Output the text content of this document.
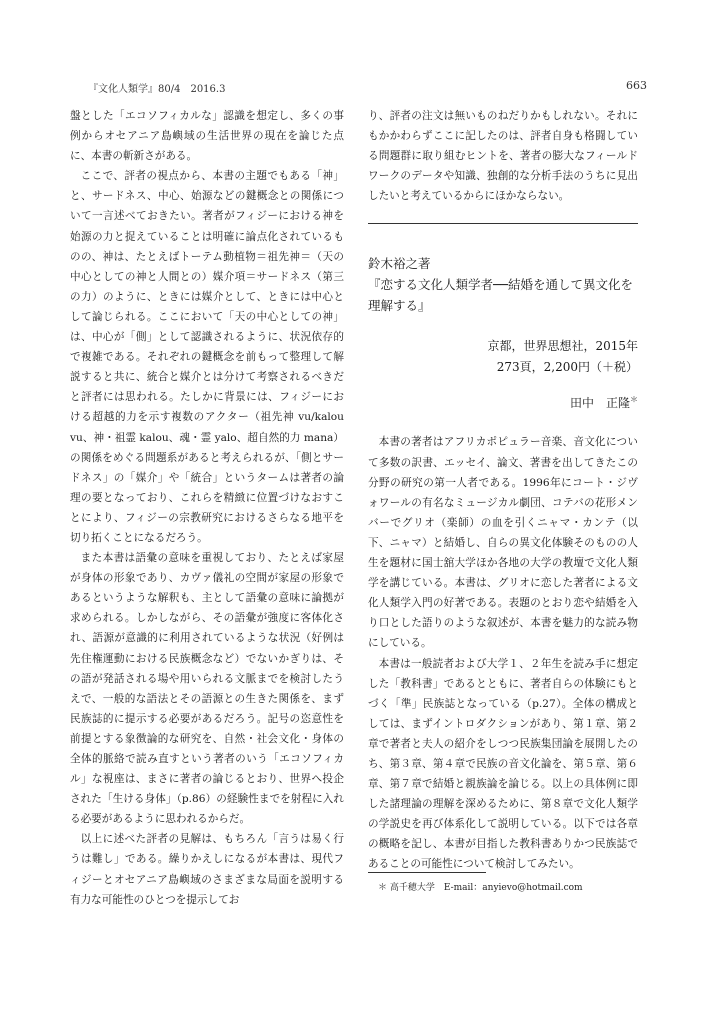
『文化人類学』80/4　2016.3	663

盤とした「エコソフィカルな」認識を想定し、多くの事例からオセアニア島嶼域の生活世界の現在を論じた点に、本書の斬新さがある。

ここで、評者の視点から、本書の主題でもある「神」と、サードネス、中心、始源などの鍵概念との関係について一言述べておきたい。著者がフィジーにおける神を始源の力と捉えていることは明確に論点化されているものの、神は、たとえばトーテム動植物＝祖先神＝（天の中心としての神と人間との）媒介項＝サードネス（第三の力）のように、ときには媒介として、ときには中心として論じられる。ここにおいて「天の中心としての神」は、中心が「側」として認識されるように、状況依存的で複雑である。それぞれの鍵概念を前もって整理して解説すると共に、統合と媒介とは分けて考察されるべきだと評者には思われる。たしかに背景には、フィジーにおける超越的力を示す複数のアクター（祖先神 vu/kalou vu、神・祖霊 kalou、魂・霊 yalo、超自然的力 mana）の関係をめぐる問題系があると考えられるが、「側とサードネス」の「媒介」や「統合」というタームは著者の論理の要となっており、これらを精緻に位置づけなおすことにより、フィジーの宗教研究におけるさらなる地平を切り拓くことになるだろう。

また本書は語彙の意味を重視しており、たとえば家屋が身体の形象であり、カヴァ儀礼の空間が家屋の形象であるというような解釈も、主として語彙の意味に論拠が求められる。しかしながら、その語彙が強度に客体化され、語源が意識的に利用されているような状況（好例は先住権運動における民族概念など）でないかぎりは、その語が発話される場や用いられる文脈までを検討したうえで、一般的な語法とその語源との生きた関係を、まず民族誌的に提示する必要があるだろう。記号の恣意性を前提とする象徴論的な研究を、自然・社会文化・身体の全体的脈絡で読み直すという著者のいう「エコソフィカル」な視座は、まさに著者の論じるとおり、世界へ投企された「生ける身体」（p.86）の経験性までを射程に入れる必要があるように思われるからだ。

以上に述べた評者の見解は、もちろん「言うは易く行うは難し」である。繰りかえしになるが本書は、現代フィジーとオセアニア島嶼域のさまざまな局面を説明する有力な可能性のひとつを提示してお

り、評者の注文は無いものねだりかもしれない。それにもかかわらずここに記したのは、評者自身も格闘している問題群に取り組むヒントを、著者の膨大なフィールドワークのデータや知識、独創的な分析手法のうちに見出したいと考えているからにほかならない。

鈴木裕之著

『恋する文化人類学者──結婚を通して異文化を理解する』

京都，世界思想社，2015年
273頁，2,200円（＋税）
田中　正隆＊

本書の著者はアフリカポピュラー音楽、音文化について多数の訳書、エッセイ、論文、著書を出してきたこの分野の研究の第一人者である。1996年にコート・ジヴォワールの有名なミュージカル劇団、コテバの花形メンバーでグリオ（楽師）の血を引くニャマ・カンテ（以下、ニャマ）と結婚し、自らの異文化体験そのものの人生を題材に国士舘大学ほか各地の大学の教壇で文化人類学を講じている。本書は、グリオに恋した著者による文化人類学入門の好著である。表題のとおり恋や結婚を入り口とした語りのような叙述が、本書を魅力的な読み物にしている。

本書は一般読者および大学１、２年生を読み手に想定した「教科書」であるとともに、著者自らの体験にもとづく「準」民族誌となっている（p.27）。全体の構成としては、まずイントロダクションがあり、第１章、第２章で著者と夫人の紹介をしつつ民族集団論を展開したのち、第３章、第４章で民族の音文化論を、第５章、第６章、第７章で結婚と親族論を論じる。以上の具体例に即した諸理論の理解を深めるために、第８章で文化人類学の学説史を再び体系化して説明している。以下では各章の概略を記し、本書が目指した教科書ありかつ民族誌であることの可能性について検討してみたい。

＊ 高千穂大学　E-mail：anyievo@hotmail.com
